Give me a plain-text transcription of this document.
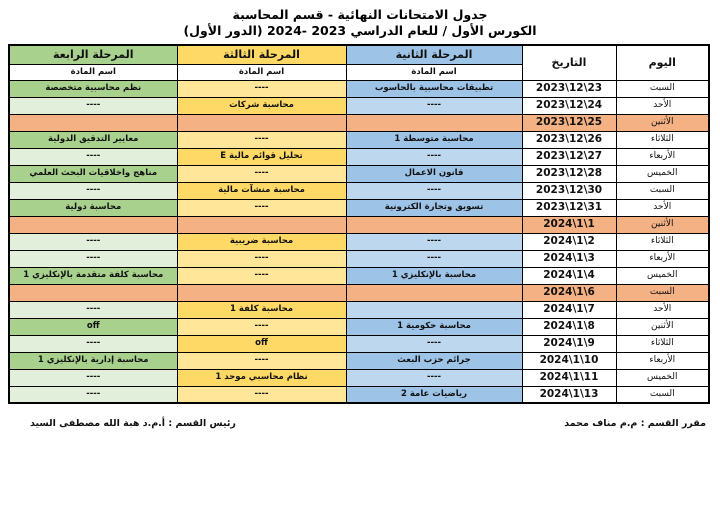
جدول الامتحانات النهائية - قسم المحاسبة
الكورس الأول / للعام الدراسي 2023 -2024 (الدور الأول)
اليوم	التاريخ	المرحلة الثانية	المرحلة الثالثة	المرحلة الرابعة
		اسم المادة	اسم المادة	اسم المادة
السبت	23\12\2023	تطبيقات محاسبية بالحاسوب	----	نظم محاسبية متخصصة
الأحد	24\12\2023	----	محاسبة شركات	----
الأثنين	25\12\2023			
الثلاثاء	26\12\2023	محاسبة متوسطة 1	----	معايير التدقيق الدولية
الأربعاء	27\12\2023	----	تحليل قوائم مالية E	----
الخميس	28\12\2023	قانون الاعمال	----	مناهج واخلاقيات البحث العلمي
السبت	30\12\2023	----	محاسبة منشآت مالية	----
الأحد	31\12\2023	تسويق وتجارة الكترونية	----	محاسبة دولية
الأثنين	1\1\2024			
الثلاثاء	2\1\2024	----	محاسبة ضريبية	----
الأربعاء	3\1\2024	----	----	----
الخميس	4\1\2024	محاسبة بالإنكليزي 1	----	محاسبة كلفة متقدمة بالإنكليزي 1
السبت	6\1\2024			
الأحد	7\1\2024		محاسبة كلفة 1	----
الأثنين	8\1\2024	محاسبة حكومية 1	----	off
الثلاثاء	9\1\2024	----	off	----
الأربعاء	10\1\2024	جرائم حزب البعث	----	محاسبة إدارية بالإنكليزي 1
الخميس	11\1\2024	----	نظام محاسبي موحد 1	----
السبت	13\1\2024	رياضيات عامة 2	----	----
مقرر القسم : م.م مناف محمد
رئيس القسم : أ.م.د هبة الله مصطفى السيد
